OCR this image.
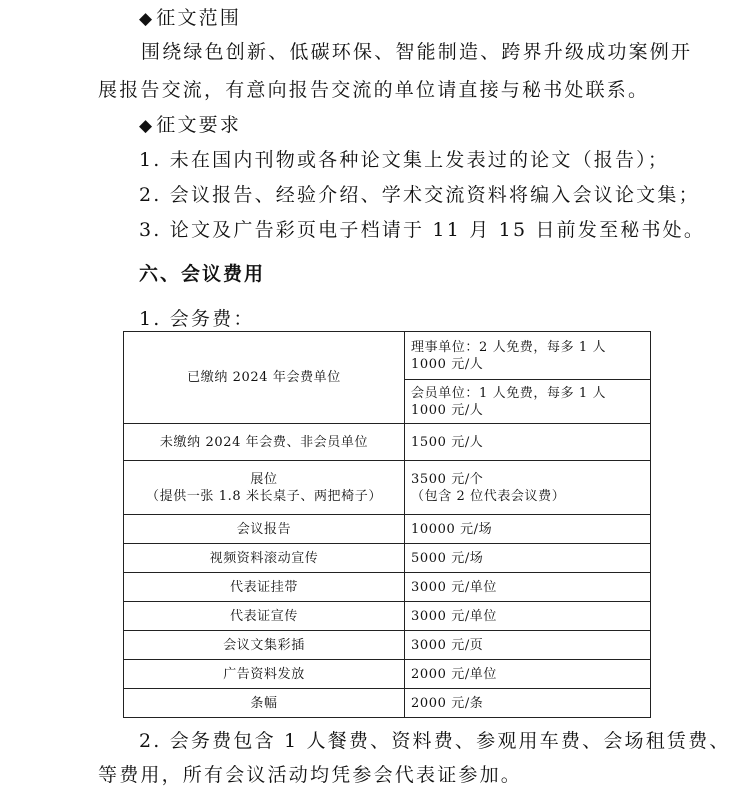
◆ 征文范围
围绕绿色创新、低碳环保、智能制造、跨界升级成功案例开
展报告交流，有意向报告交流的单位请直接与秘书处联系。
◆ 征文要求
1. 未在国内刊物或各种论文集上发表过的论文（报告）；
2. 会议报告、经验介绍、学术交流资料将编入会议论文集；
3. 论文及广告彩页电子档请于 11 月 15 日前发至秘书处。
六、会议费用
1. 会务费：
已缴纳 2024 年会费单位	理事单位：2 人免费，每多 1 人
1000 元/人

	会员单位：1 人免费，每多 1 人
1000 元/人

未缴纳 2024 年会费、非会员单位	1500 元/人

展位
（提供一张 1.8 米长桌子、两把椅子）	3500 元/个
（包含 2 位代表会议费）

会议报告	10000 元/场
视频资料滚动宣传	5000 元/场
代表证挂带	3000 元/单位
代表证宣传	3000 元/单位
会议文集彩插	3000 元/页
广告资料发放	2000 元/单位
条幅	2000 元/条
2. 会务费包含 1 人餐费、资料费、参观用车费、会场租赁费、
等费用，所有会议活动均凭参会代表证参加。
